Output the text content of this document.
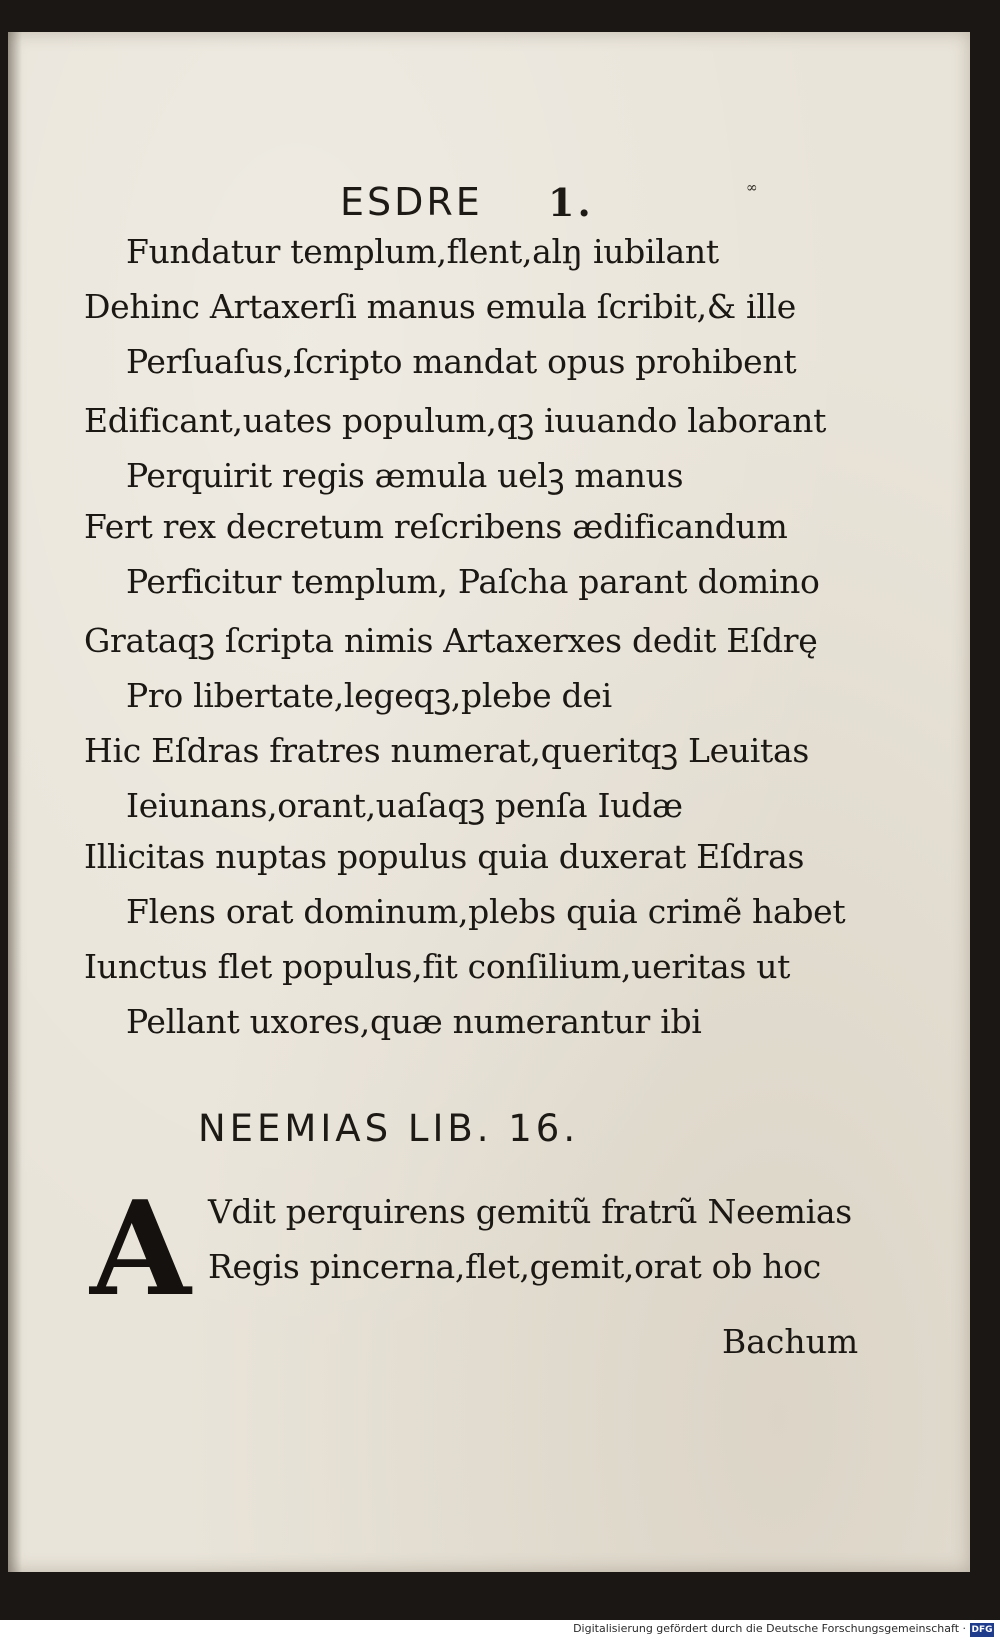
ESDRE 1.	∞
Fundatur templum,flent,alŋ iubilant
Dehinc Artaxerſi manus emula ſcribit,& ille
Perſuaſus,ſcripto mandat opus prohibent
Edificant,uates populum,qꝫ iuuando laborant
Perquirit regis æmula uelꝫ manus
Fert rex decretum reſcribens ædificandum
Perficitur templum, Paſcha parant domino
Grataqꝫ ſcripta nimis Artaxerxes dedit Eſdrę
Pro libertate,legeqꝫ,plebe dei
Hic Eſdras fratres numerat,queritqꝫ Leuitas
Ieiunans,orant,uaſaqꝫ penſa Iudæ
Illicitas nuptas populus quia duxerat Eſdras
Flens orat dominum,plebs quia crimẽ habet
Iunctus flet populus,fit conſilium,ueritas ut
Pellant uxores,quæ numerantur ibi
NEEMIAS LIB. 16.
A Vdit perquirens gemitũ fratrũ Neemias
Regis pincerna,flet,gemit,orat ob hoc
Bachum
Digitalisierung gefördert durch die Deutsche Forschungsgemeinschaft · DFG
